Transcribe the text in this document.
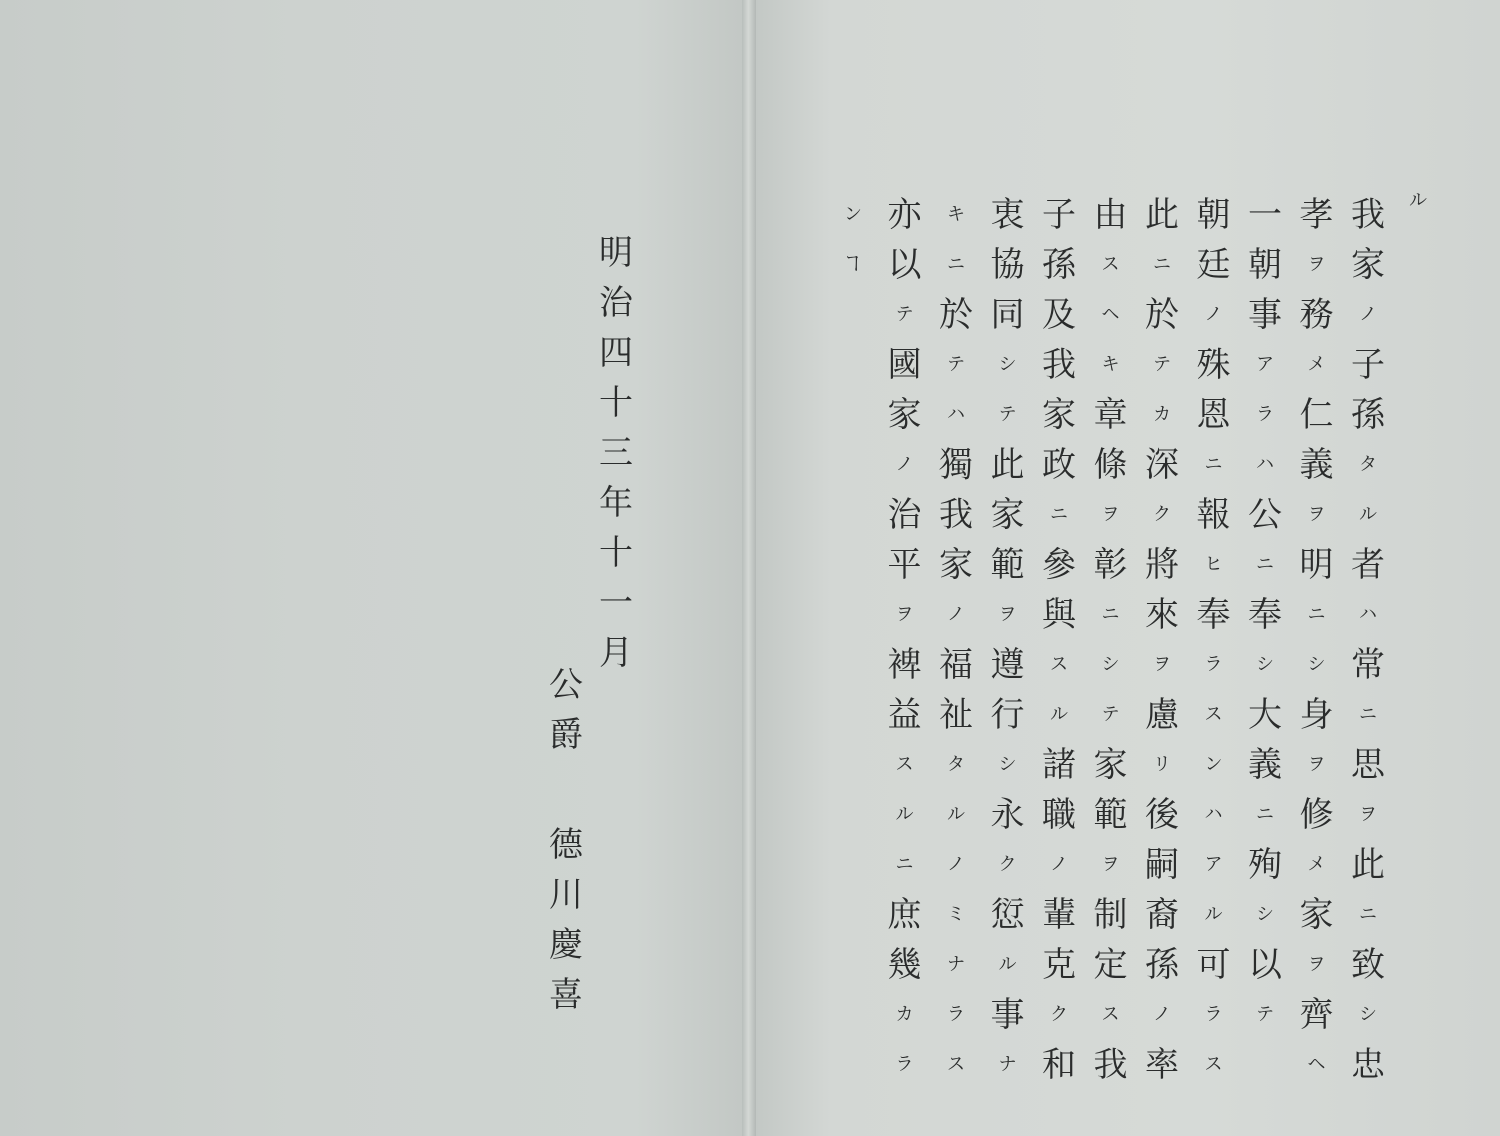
明
治
四
十
三
年
十
一
月
公
爵
德
川
慶
喜
ル
我
家
ノ
子
孫
タ
ル
者
ハ
常
ニ
思
ヲ
此
ニ
致
シ
忠
孝
ヲ
務
メ
仁
義
ヲ
明
ニ
シ
身
ヲ
修
メ
家
ヲ
齊
ヘ
一
朝
事
ア
ラ
ハ
公
ニ
奉
シ
大
義
ニ
殉
シ
以
テ
朝
廷
ノ
殊
恩
ニ
報
ヒ
奉
ラ
ス
ン
ハ
ア
ル
可
ラ
ス
此
ニ
於
テ
カ
深
ク
將
來
ヲ
慮
リ
後
嗣
裔
孫
ノ
率
由
ス
ヘ
キ
章
條
ヲ
彰
ニ
シ
テ
家
範
ヲ
制
定
ス
我
子
孫
及
我
家
政
ニ
參
與
ス
ル
諸
職
ノ
輩
克
ク
和
衷
協
同
シ
テ
此
家
範
ヲ
遵
行
シ
永
ク
愆
ル
事
ナ
キ
ニ
於
テ
ハ
獨
我
家
ノ
福
祉
タ
ル
ノ
ミ
ナ
ラ
ス
亦
以
テ
國
家
ノ
治
平
ヲ
裨
益
ス
ル
ニ
庶
幾
カ
ラ
ン
ヿ
